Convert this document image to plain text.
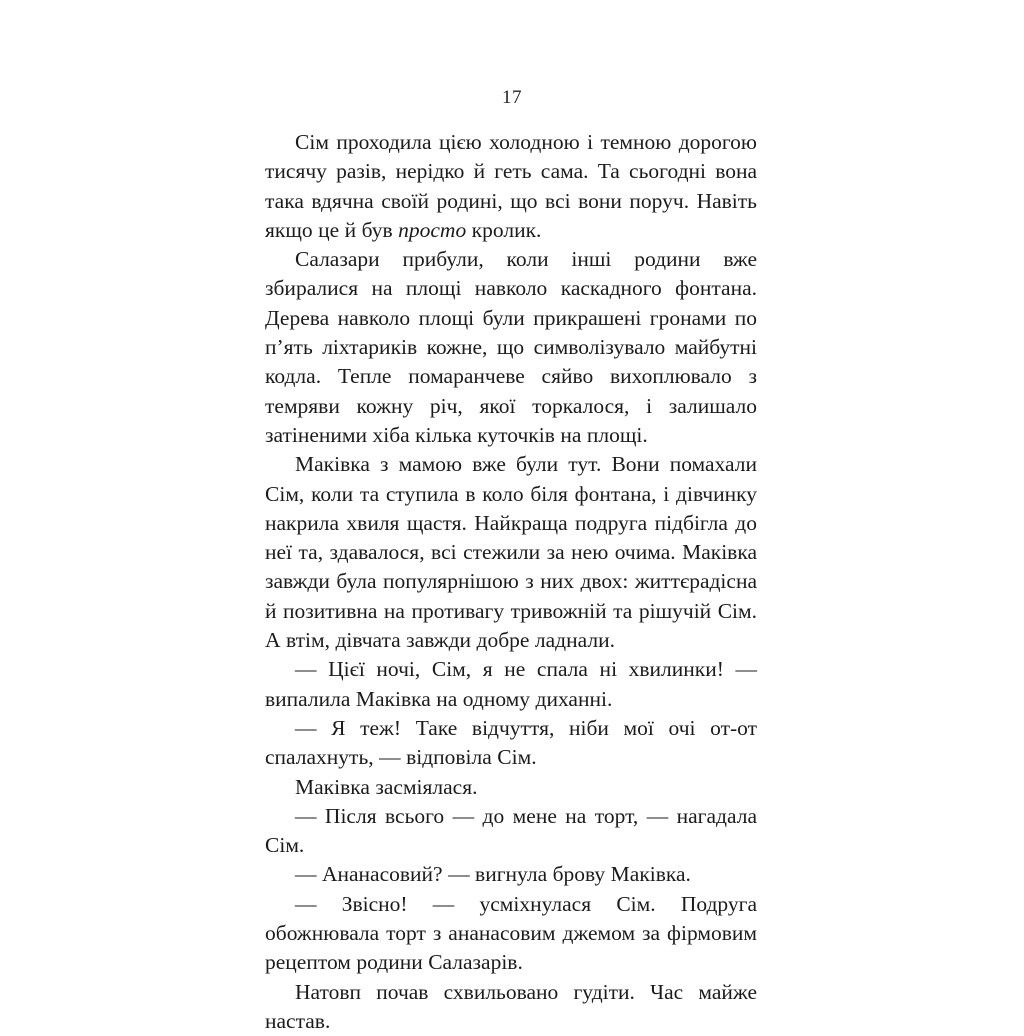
17

Сім проходила цією холодною і темною дорогою тисячу разів, нерідко й геть сама. Та сьогодні вона така вдячна своїй родині, що всі вони поруч. Навіть якщо це й був просто кролик.

Салазари прибули, коли інші родини вже збиралися на площі навколо каскадного фонтана. Дерева навколо площі були прикрашені гронами по п’ять ліхтариків кожне, що символізувало майбутні кодла. Тепле помаранчеве сяйво вихоплювало з темряви кожну річ, якої торкалося, і залишало затіненими хіба кілька куточків на площі.

Маківка з мамою вже були тут. Вони помахали Сім, коли та ступила в коло біля фонтана, і дівчинку накрила хвиля щастя. Найкраща подруга підбігла до неї та, здавалося, всі стежили за нею очима. Маківка завжди була популярнішою з них двох: життєрадісна й позитивна на противагу тривожній та рішучій Сім. А втім, дівчата завжди добре ладнали.

— Цієї ночі, Сім, я не спала ні хвилинки! — випалила Маківка на одному диханні.

— Я теж! Таке відчуття, ніби мої очі от-от спалахнуть, — відповіла Сім.

Маківка засміялася.

— Після всього — до мене на торт, — нагадала Сім.

— Ананасовий? — вигнула брову Маківка.

— Звісно! — усміхнулася Сім. Подруга обожнювала торт з ананасовим джемом за фірмовим рецептом родини Салазарів.

Натовп почав схвильовано гудіти. Час майже настав.
